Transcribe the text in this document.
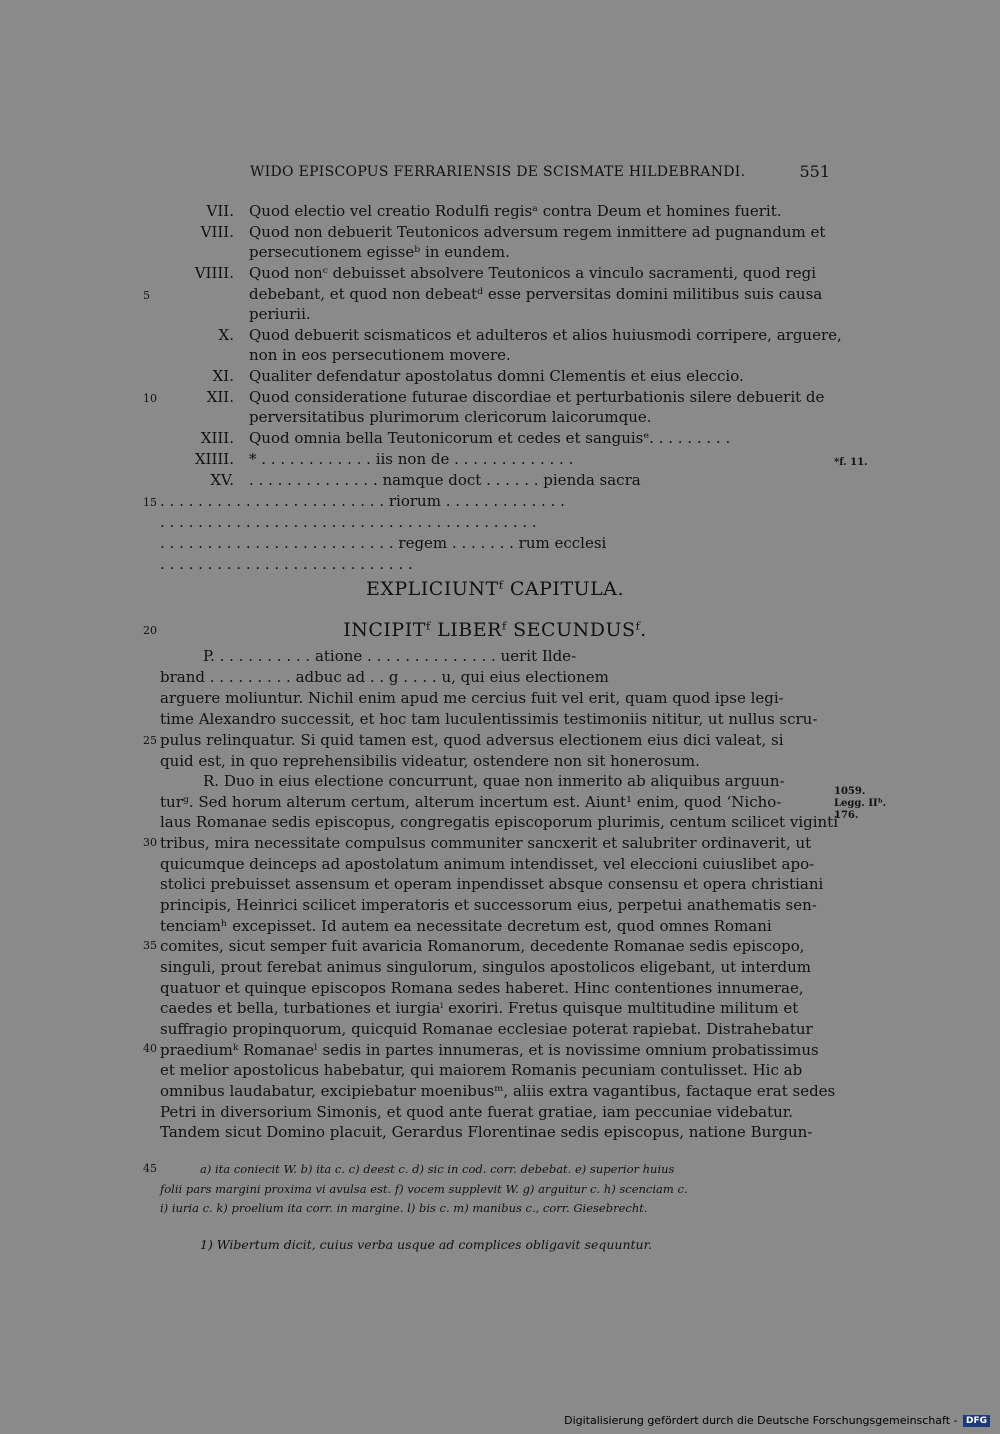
WIDO EPISCOPUS FERRARIENSIS DE SCISMATE HILDEBRANDI.	551
VII. Quod electio vel creatio Rodulfi regisᵃ contra Deum et homines fuerit.
VIII. Quod non debuerit Teutonicos adversum regem inmittere ad pugnandum et
persecutionem egisseᵇ in eundem.
VIIII. Quod nonᶜ debuisset absolvere Teutonicos a vinculo sacramenti, quod regi
debebant, et quod non debeatᵈ esse perversitas domini militibus suis causa
periurii.
X. Quod debuerit scismaticos et adulteros et alios huiusmodi corripere, arguere,
non in eos persecutionem movere.
XI. Qualiter defendatur apostolatus domni Clementis et eius eleccio.
XII. Quod consideratione futurae discordiae et perturbationis silere debuerit de
perversitatibus plurimorum clericorum laicorumque.
XIII. Quod omnia bella Teutonicorum et cedes et sanguisᵉ. . . . . . . . .
XIIII. * . . . . . . . . . . . . iis non de . . . . . . . . . . . . .
XV. . . . . . . . . . . . . . . namque doct . . . . . . pienda sacra
. . . . . . . . . . . . . . . . . . . . . . . . riorum . . . . . . . . . . . . .
. . . . . . . . . . . . . . . . . . . . . . . . . . . . . . . . . . . . . . . .
. . . . . . . . . . . . . . . . . . . . . . . . . regem . . . . . . . rum ecclesi
. . . . . . . . . . . . . . . . . . . . . . . . . . .
5
10
15
20
25
30
35
40
45
*f. 11.
1059.
Legg. IIᵇ.
176.
EXPLICIUNTᶠ CAPITULA.
INCIPITᶠ LIBERᶠ SECUNDUSᶠ.
P. . . . . . . . . . . ationе . . . . . . . . . . . . . . uerit Ilde-
brand . . . . . . . . . adbuc ad . . g . . . . u, qui eius electionem
arguere moliuntur. Nichil enim apud me cercius fuit vel erit, quam quod ipse legi-
time Alexandro successit, et hoc tam luculentissimis testimoniis nititur, ut nullus scru-
pulus relinquatur. Si quid tamen est, quod adversus electionem eius dici valeat, si
quid est, in quo reprehensibilis videatur, ostendere non sit honerosum.
R. Duo in eius electione concurrunt, quae non inmerito ab aliquibus arguun-
turᵍ. Sed horum alterum certum, alterum incertum est. Aiunt¹ enim, quod ‘Nicho-
laus Romanae sedis episcopus, congregatis episcoporum plurimis, centum scilicet viginti
tribus, mira necessitate compulsus communiter sancxerit et salubriter ordinaverit, ut
quicumque deinceps ad apostolatum animum intendisset, vel eleccioni cuiuslibet apo-
stolici prebuisset assensum et operam inpendisset absque consensu et opera christiani
principis, Heinrici scilicet imperatoris et successorum eius, perpetui anathematis sen-
tenciamʰ excepisset. Id autem ea necessitate decretum est, quod omnes Romani
comites, sicut semper fuit avaricia Romanorum, decedente Romanae sedis episcopo,
singuli, prout ferebat animus singulorum, singulos apostolicos eligebant, ut interdum
quatuor et quinque episcopos Romana sedes haberet. Hinc contentiones innumerae,
caedes et bella, turbationes et iurgiaⁱ exoriri. Fretus quisque multitudine militum et
suffragio propinquorum, quicquid Romanae ecclesiae poterat rapiebat. Distrahebatur
praediumᵏ Romanaeˡ sedis in partes innumeras, et is novissime omnium probatissimus
et melior apostolicus habebatur, qui maiorem Romanis pecuniam contulisset. Hic ab
omnibus laudabatur, excipiebatur moenibusᵐ, aliis extra vagantibus, factaque erat sedes
Petri in diversorium Simonis, et quod ante fuerat gratiae, iam peccuniae videbatur.
Tandem sicut Domino placuit, Gerardus Florentinae sedis episcopus, natione Burgun-
a) ita coniecit W. b) ita c. c) deest c. d) sic in cod. corr. debebat. e) superior huius
folii pars margini proxima vi avulsa est. f) vocem supplevit W. g) arguitur c. h) scenciam c.
i) iuria c. k) proelium ita corr. in margine. l) bis c. m) manibus c., corr. Giesebrecht.
1) Wibertum dicit, cuius verba usque ad complices obligavit sequuntur.
Digitalisierung gefördert durch die Deutsche Forschungsgemeinschaft - DFG
